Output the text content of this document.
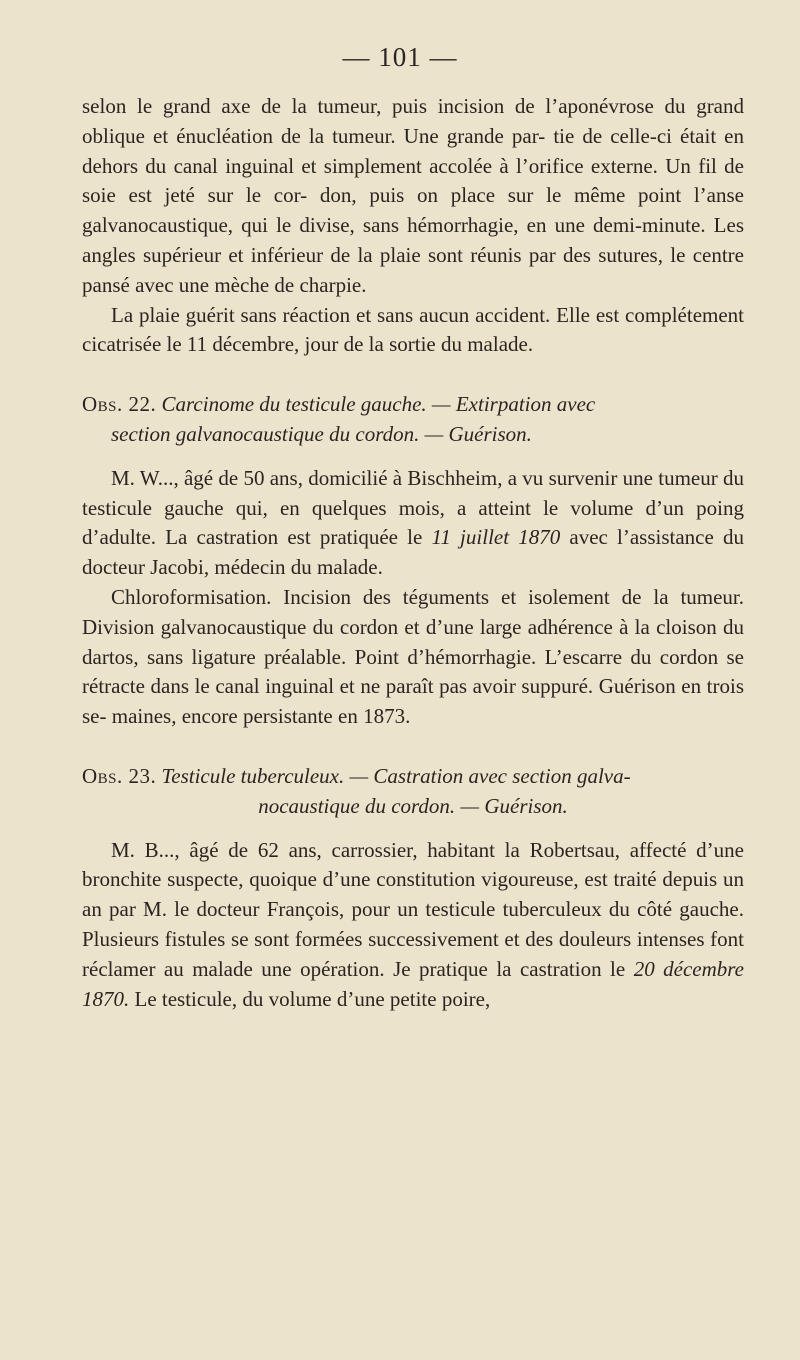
— 101 —

selon le grand axe de la tumeur, puis incision de l’aponévrose du grand oblique et énucléation de la tumeur. Une grande par- tie de celle-ci était en dehors du canal inguinal et simplement accolée à l’orifice externe. Un fil de soie est jeté sur le cor- don, puis on place sur le même point l’anse galvanocaustique, qui le divise, sans hémorrhagie, en une demi-minute. Les angles supérieur et inférieur de la plaie sont réunis par des sutures, le centre pansé avec une mèche de charpie.

La plaie guérit sans réaction et sans aucun accident. Elle est complétement cicatrisée le 11 décembre, jour de la sortie du malade.

Obs. 22. Carcinome du testicule gauche. — Extirpation avec
section galvanocaustique du cordon. — Guérison.

M. W..., âgé de 50 ans, domicilié à Bischheim, a vu survenir une tumeur du testicule gauche qui, en quelques mois, a atteint le volume d’un poing d’adulte. La castration est pratiquée le 11 juillet 1870 avec l’assistance du docteur Jacobi, médecin du malade.

Chloroformisation. Incision des téguments et isolement de la tumeur. Division galvanocaustique du cordon et d’une large adhérence à la cloison du dartos, sans ligature préalable. Point d’hémorrhagie. L’escarre du cordon se rétracte dans le canal inguinal et ne paraît pas avoir suppuré. Guérison en trois se- maines, encore persistante en 1873.

Obs. 23. Testicule tuberculeux. — Castration avec section galva-
nocaustique du cordon. — Guérison.

M. B..., âgé de 62 ans, carrossier, habitant la Robertsau, affecté d’une bronchite suspecte, quoique d’une constitution vigoureuse, est traité depuis un an par M. le docteur François, pour un testicule tuberculeux du côté gauche. Plusieurs fistules se sont formées successivement et des douleurs intenses font réclamer au malade une opération. Je pratique la castration le 20 décembre 1870. Le testicule, du volume d’une petite poire,
